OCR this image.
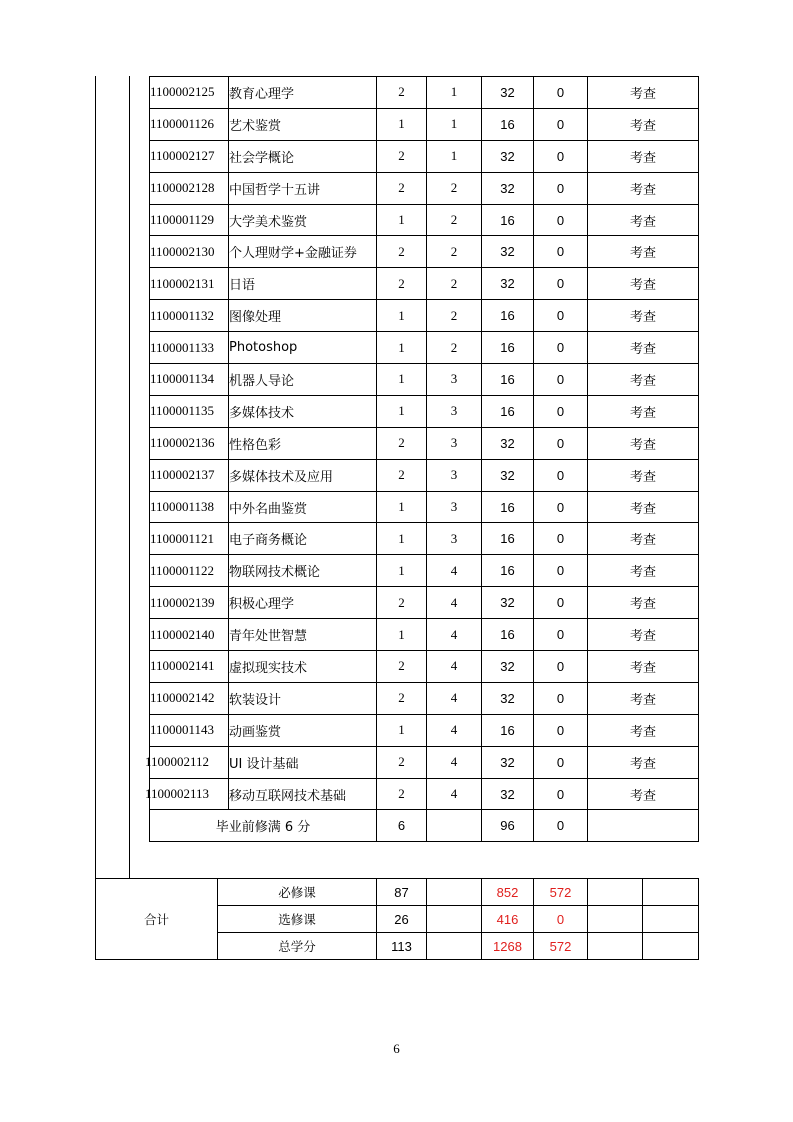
1100002125	教育心理学	2	1	32	0	考查
1100001126	艺术鉴赏	1	1	16	0	考查
1100002127	社会学概论	2	1	32	0	考查
1100002128	中国哲学十五讲	2	2	32	0	考查
1100001129	大学美术鉴赏	1	2	16	0	考查
1100002130	个人理财学+金融证券	2	2	32	0	考查
1100002131	日语	2	2	32	0	考查
1100001132	图像处理	1	2	16	0	考查
1100001133	Photoshop	1	2	16	0	考查
1100001134	机器人导论	1	3	16	0	考查
1100001135	多媒体技术	1	3	16	0	考查
1100002136	性格色彩	2	3	32	0	考查
1100002137	多媒体技术及应用	2	3	32	0	考查
1100001138	中外名曲鉴赏	1	3	16	0	考查
1100001121	电子商务概论	1	3	16	0	考查
1100001122	物联网技术概论	1	4	16	0	考查
1100002139	积极心理学	2	4	32	0	考查
1100002140	青年处世智慧	1	4	16	0	考查
1100002141	虚拟现实技术	2	4	32	0	考查
1100002142	软装设计	2	4	32	0	考查
1100001143	动画鉴赏	1	4	16	0	考查
1100002112	UI 设计基础	2	4	32	0	考查
1100002113	移动互联网技术基础	2	4	32	0	考查
毕业前修满 6 分		6		96	0	
合计	必修课	87		852	572		
	选修课	26		416	0		
	总学分	113		1268	572		
6
